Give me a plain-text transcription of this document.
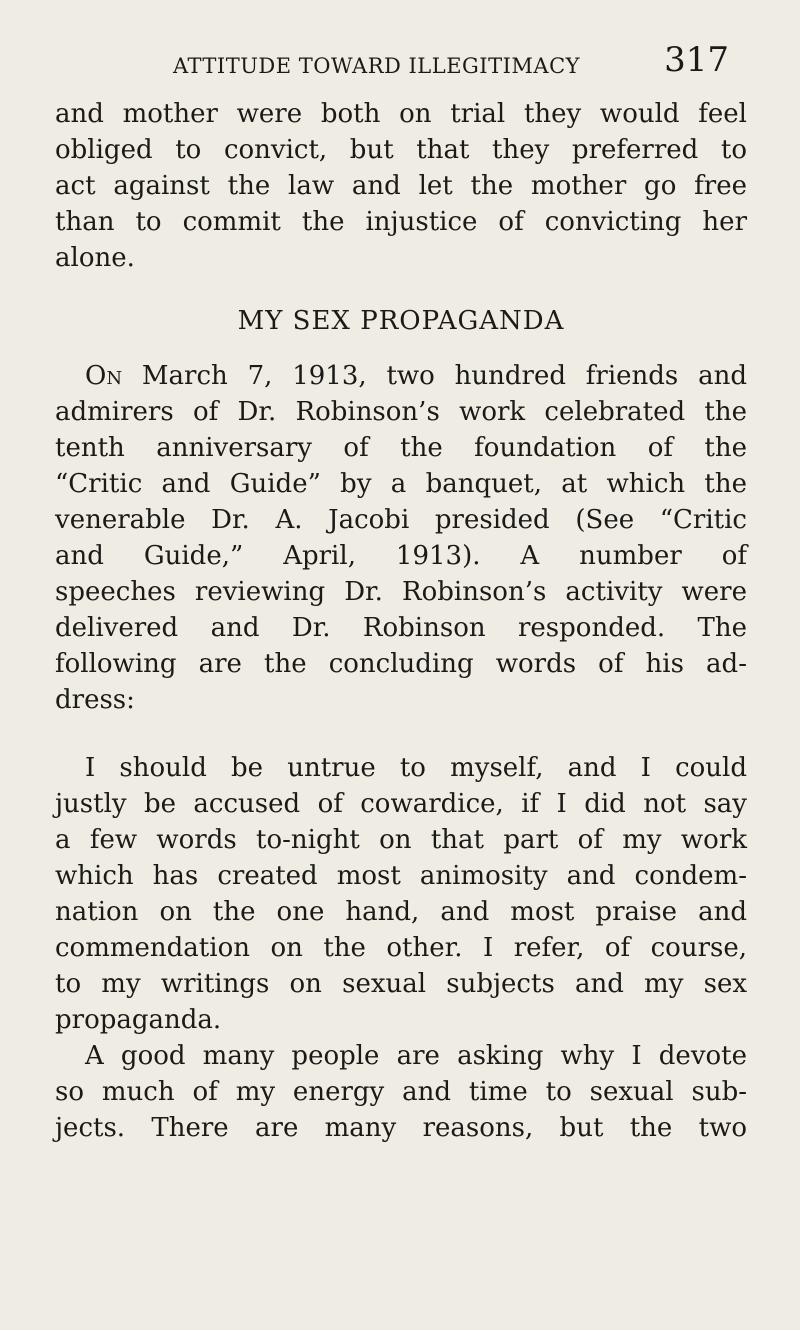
ATTITUDE TOWARD ILLEGITIMACY 317
and mother were both on trial they would feel
obliged to convict, but that they preferred to
act against the law and let the mother go free
than to commit the injustice of convicting her
alone.
MY SEX PROPAGANDA
On March 7, 1913, two hundred friends and
admirers of Dr. Robinson’s work celebrated the
tenth anniversary of the foundation of the
“Critic and Guide” by a banquet, at which the
venerable Dr. A. Jacobi presided (See “Critic
and Guide,” April, 1913). A number of
speeches reviewing Dr. Robinson’s activity were
delivered and Dr. Robinson responded. The
following are the concluding words of his ad-
dress:
I should be untrue to myself, and I could
justly be accused of cowardice, if I did not say
a few words to-night on that part of my work
which has created most animosity and condem-
nation on the one hand, and most praise and
commendation on the other. I refer, of course,
to my writings on sexual subjects and my sex
propaganda.
A good many people are asking why I devote
so much of my energy and time to sexual sub-
jects. There are many reasons, but the two
